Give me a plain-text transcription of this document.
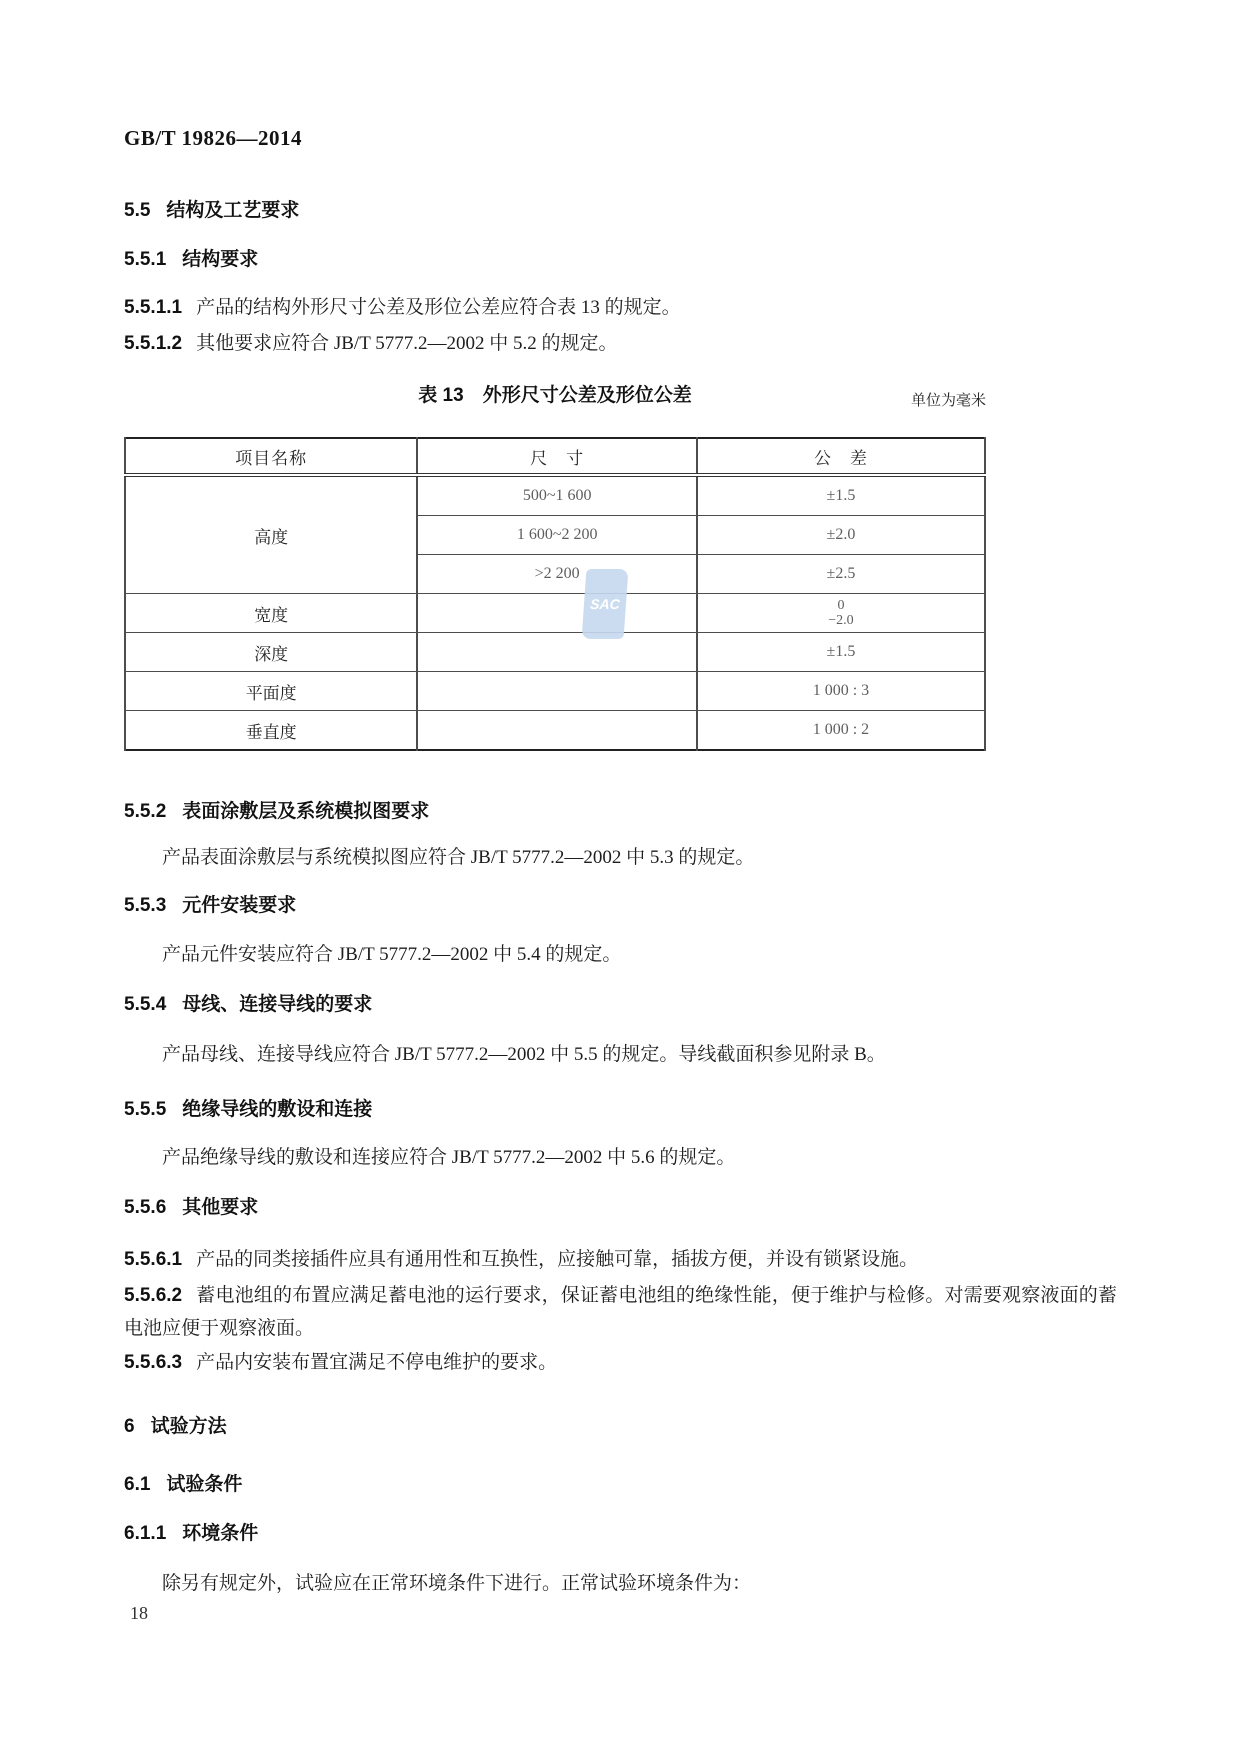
GB/T 19826—2014
5.5 结构及工艺要求
5.5.1 结构要求

5.5.1.1 产品的结构外形尺寸公差及形位公差应符合表 13 的规定。

5.5.1.2 其他要求应符合 JB/T 5777.2—2002 中 5.2 的规定。

表 13　外形尺寸公差及形位公差	单位为毫米
项目名称	尺　寸	公　差
高度	500~1 600	±1.5
	1 600~2 200	±2.0
	>2 200	±2.5
宽度		0
−2.0

深度		±1.5
平面度		1 000 : 3
垂直度		1 000 : 2
5.5.2 表面涂敷层及系统模拟图要求

产品表面涂敷层与系统模拟图应符合 JB/T 5777.2—2002 中 5.3 的规定。

5.5.3 元件安装要求

产品元件安装应符合 JB/T 5777.2—2002 中 5.4 的规定。

5.5.4 母线、连接导线的要求

产品母线、连接导线应符合 JB/T 5777.2—2002 中 5.5 的规定。导线截面积参见附录 B。

5.5.5 绝缘导线的敷设和连接

产品绝缘导线的敷设和连接应符合 JB/T 5777.2—2002 中 5.6 的规定。

5.5.6 其他要求

5.5.6.1 产品的同类接插件应具有通用性和互换性，应接触可靠，插拔方便，并设有锁紧设施。

5.5.6.2 蓄电池组的布置应满足蓄电池的运行要求，保证蓄电池组的绝缘性能，便于维护与检修。对需要观察液面的蓄电池应便于观察液面。

5.5.6.3 产品内安装布置宜满足不停电维护的要求。

6 试验方法
6.1 试验条件
6.1.1 环境条件

除另有规定外，试验应在正常环境条件下进行。正常试验环境条件为：

18
SAC
